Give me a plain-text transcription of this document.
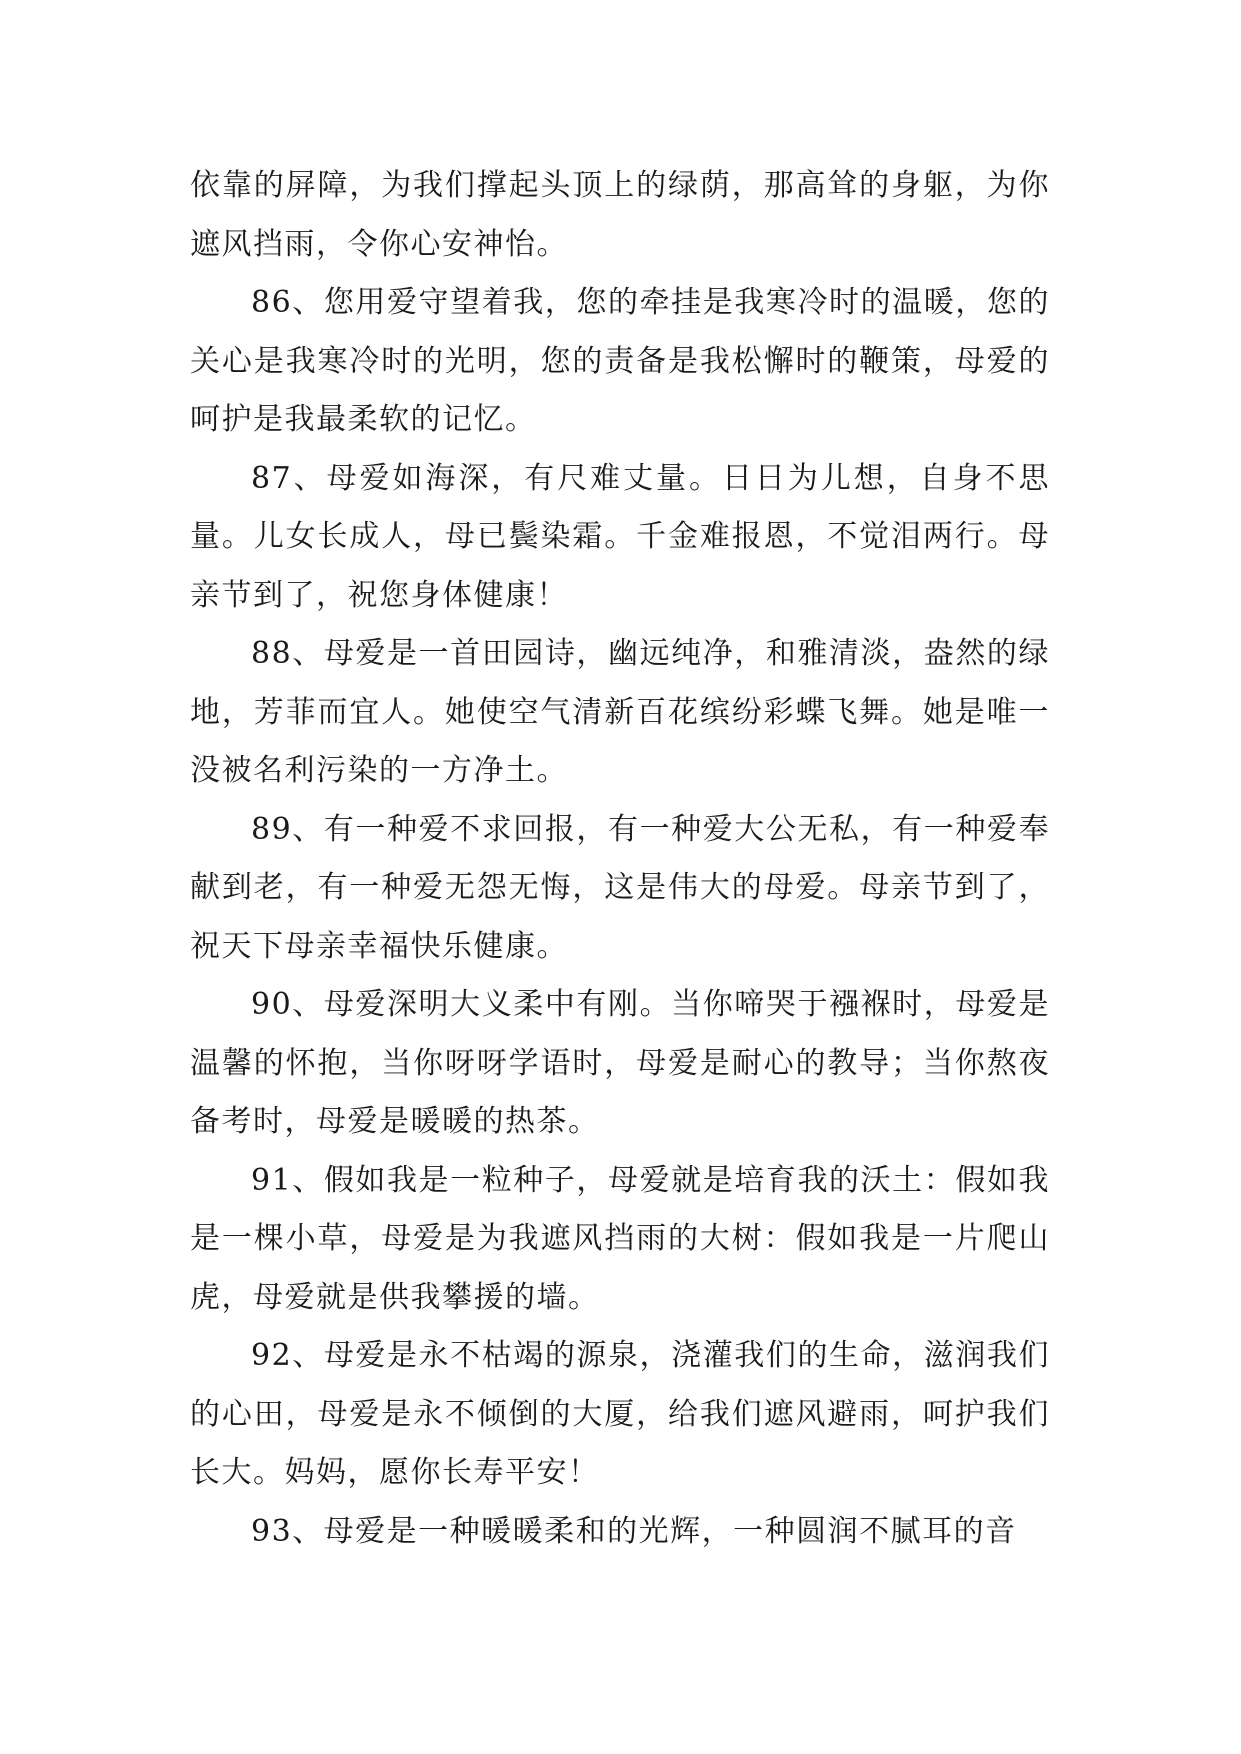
依靠的屏障，为我们撑起头顶上的绿荫，那高耸的身躯，为你遮风挡雨，令你心安神怡。

86、您用爱守望着我，您的牵挂是我寒冷时的温暖，您的关心是我寒冷时的光明，您的责备是我松懈时的鞭策，母爱的呵护是我最柔软的记忆。

87、母爱如海深，有尺难丈量。日日为儿想，自身不思量。儿女长成人，母已鬓染霜。千金难报恩，不觉泪两行。母亲节到了，祝您身体健康！

88、母爱是一首田园诗，幽远纯净，和雅清淡，盎然的绿地，芳菲而宜人。她使空气清新百花缤纷彩蝶飞舞。她是唯一没被名利污染的一方净土。

89、有一种爱不求回报，有一种爱大公无私，有一种爱奉献到老，有一种爱无怨无悔，这是伟大的母爱。母亲节到了，祝天下母亲幸福快乐健康。

90、母爱深明大义柔中有刚。当你啼哭于襁褓时，母爱是温馨的怀抱，当你呀呀学语时，母爱是耐心的教导；当你熬夜备考时，母爱是暖暖的热茶。

91、假如我是一粒种子，母爱就是培育我的沃土：假如我是一棵小草，母爱是为我遮风挡雨的大树：假如我是一片爬山虎，母爱就是供我攀援的墙。

92、母爱是永不枯竭的源泉，浇灌我们的生命，滋润我们的心田，母爱是永不倾倒的大厦，给我们遮风避雨，呵护我们长大。妈妈，愿你长寿平安！

93、母爱是一种暖暖柔和的光辉，一种圆润不腻耳的音
